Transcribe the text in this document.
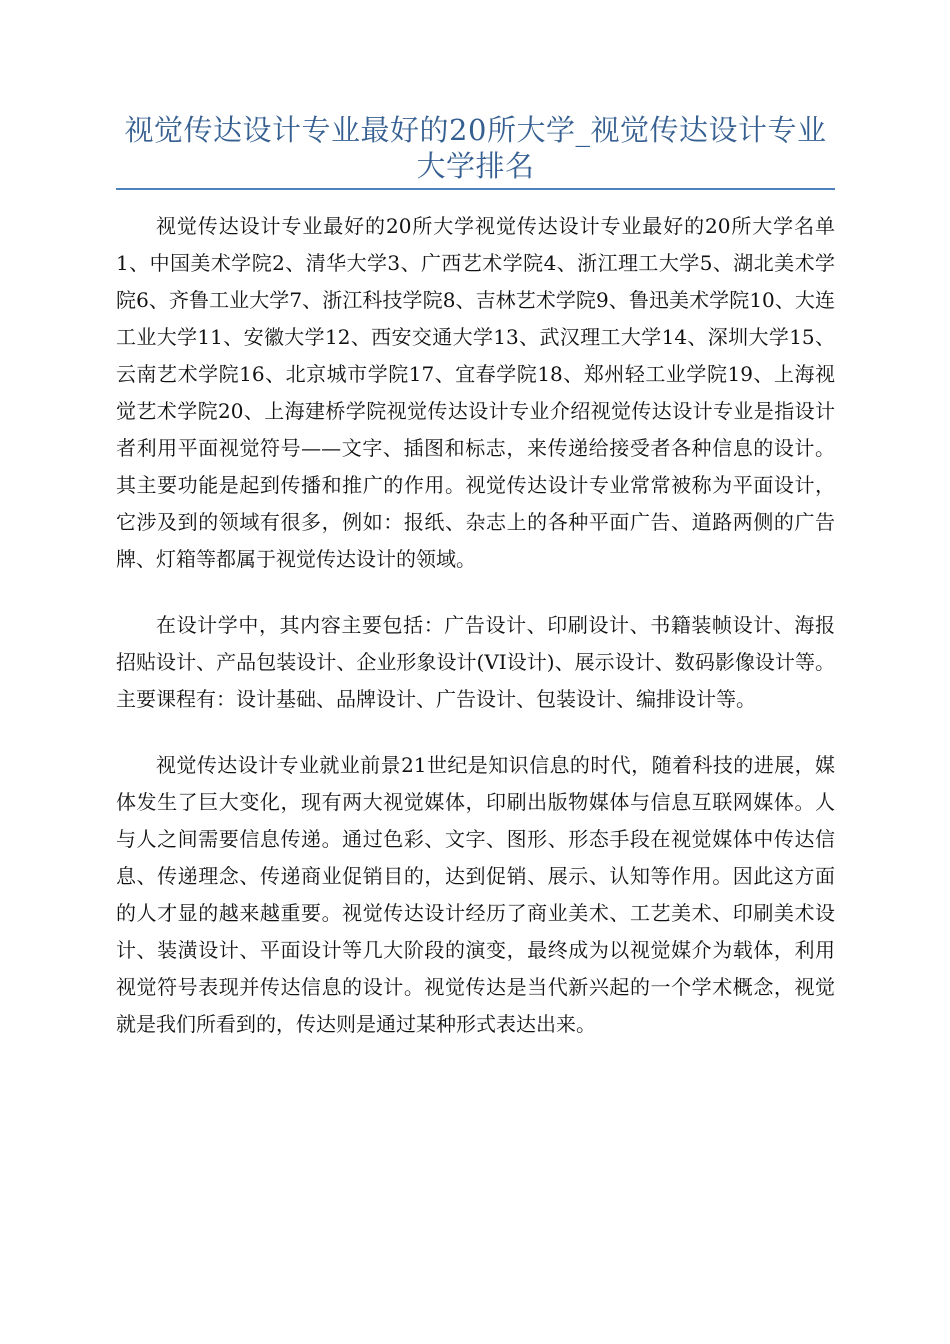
视觉传达设计专业最好的20所大学_视觉传达设计专业大学排名

视觉传达设计专业最好的20所大学视觉传达设计专业最好的20所大学名单1、中国美术学院2、清华大学3、广西艺术学院4、浙江理工大学5、湖北美术学院6、齐鲁工业大学7、浙江科技学院8、吉林艺术学院9、鲁迅美术学院10、大连工业大学11、安徽大学12、西安交通大学13、武汉理工大学14、深圳大学15、云南艺术学院16、北京城市学院17、宜春学院18、郑州轻工业学院19、上海视觉艺术学院20、上海建桥学院视觉传达设计专业介绍视觉传达设计专业是指设计者利用平面视觉符号——文字、插图和标志，来传递给接受者各种信息的设计。其主要功能是起到传播和推广的作用。视觉传达设计专业常常被称为平面设计，它涉及到的领域有很多，例如：报纸、杂志上的各种平面广告、道路两侧的广告牌、灯箱等都属于视觉传达设计的领域。

在设计学中，其内容主要包括：广告设计、印刷设计、书籍装帧设计、海报招贴设计、产品包装设计、企业形象设计(VI设计)、展示设计、数码影像设计等。主要课程有：设计基础、品牌设计、广告设计、包装设计、编排设计等。

视觉传达设计专业就业前景21世纪是知识信息的时代，随着科技的进展，媒体发生了巨大变化，现有两大视觉媒体，印刷出版物媒体与信息互联网媒体。人与人之间需要信息传递。通过色彩、文字、图形、形态手段在视觉媒体中传达信息、传递理念、传递商业促销目的，达到促销、展示、认知等作用。因此这方面的人才显的越来越重要。视觉传达设计经历了商业美术、工艺美术、印刷美术设计、装潢设计、平面设计等几大阶段的演变，最终成为以视觉媒介为载体，利用视觉符号表现并传达信息的设计。视觉传达是当代新兴起的一个学术概念，视觉就是我们所看到的，传达则是通过某种形式表达出来。
